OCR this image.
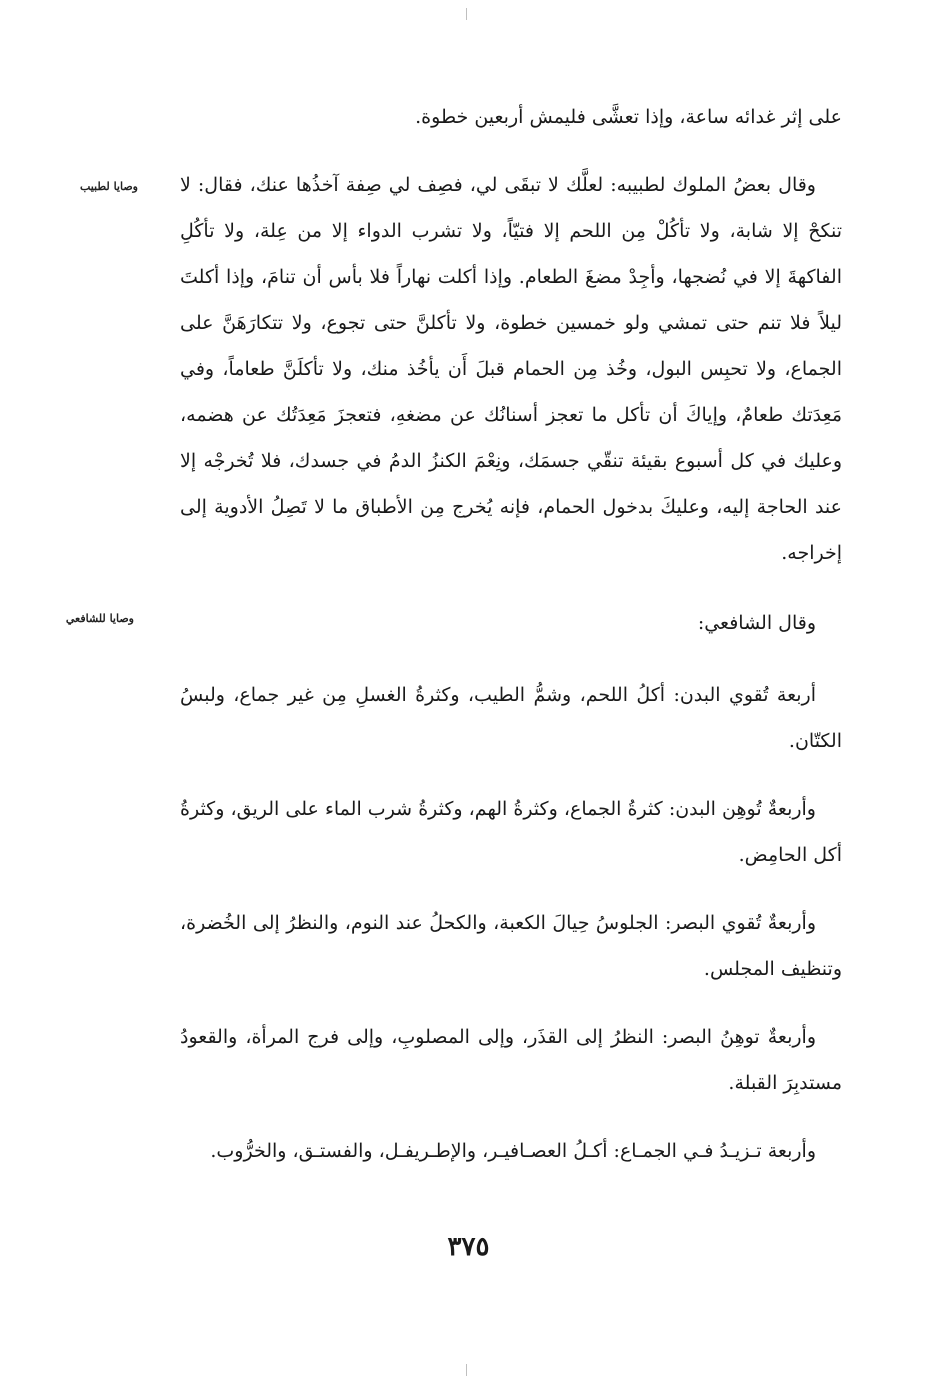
على إثر غدائه ساعة، وإذا تعشَّى فليمش أربعين خطوة.

وصايا لطبيب وقال بعضُ الملوك لطبيبه: لعلَّك لا تبقَى لي، فصِف لي صِفة آخذُها عنك، فقال: لا تنكحْ إلا شابة، ولا تأكُلْ مِن اللحم إلا فتيّاً، ولا تشرب الدواء إلا من عِلة، ولا تأكُلِ الفاكهةَ إلا في نُضجها، وأجِدْ مضغَ الطعام. وإذا أكلت نهاراً فلا بأس أن تنامَ، وإذا أكلتَ ليلاً فلا تنم حتى تمشي ولو خمسين خطوة، ولا تأكلنَّ حتى تجوع، ولا تتكارَهَنَّ على الجماع، ولا تحبِس البول، وخُذ مِن الحمام قبلَ أَن يأخُذ منك، ولا تأكلَنَّ طعاماً، وفي مَعِدَتك طعامٌ، وإياكَ أن تأكل ما تعجز أسنانُك عن مضغهِ، فتعجزَ مَعِدَتُك عن هضمه، وعليك في كل أسبوع بقيئة تنقّي جسمَك، ونِعْمَ الكنزُ الدمُ في جسدك، فلا تُخرجْه إلا عند الحاجة إليه، وعليكَ بدخول الحمام، فإنه يُخرج مِن الأطباق ما لا تَصِلُ الأدوية إلى إخراجه.

وصايا للشافعي	وقال الشافعي:

أربعة تُقوي البدن: أكلُ اللحم، وشمُّ الطيب، وكثرةُ الغسلِ مِن غير جماع، ولبسُ الكتّان.

وأربعةٌ تُوهِن البدن: كثرةُ الجماع، وكثرةُ الهم، وكثرةُ شرب الماء على الريق، وكثرةُ أكل الحامِض.

وأربعةٌ تُقوي البصر: الجلوسُ حِيالَ الكعبة، والكحلُ عند النوم، والنظرُ إلى الخُضرة، وتنظيف المجلس.

وأربعةٌ توهِنُ البصر: النظرُ إلى القذَر، وإلى المصلوبِ، وإلى فرج المرأة، والقعودُ مستدبِرَ القبلة.

وأربعة تـزيـدُ فـي الجمـاع: أكـلُ العصـافيـر، والإطـريفـل، والفستـق، والخرُّوب.

٣٧٥
